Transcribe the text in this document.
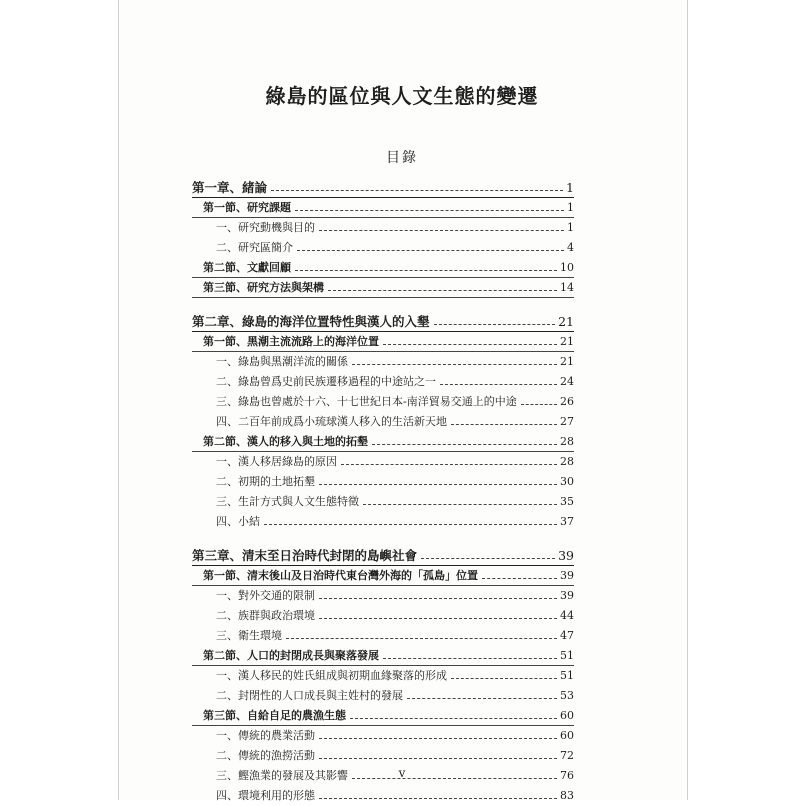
綠島的區位與人文生態的變遷
目錄
第一章、緒論	1
第一節、研究課題	1
一、研究動機與目的	1
二、研究區簡介	4
第二節、文獻回顧	10
第三節、研究方法與架構	14
第二章、綠島的海洋位置特性與漢人的入墾	21
第一節、黑潮主流流路上的海洋位置	21
一、綠島與黑潮洋流的關係	21
二、綠島曾爲史前民族遷移過程的中途站之一	24
三、綠島也曾處於十六、十七世紀日本-南洋貿易交通上的中途	26
四、二百年前成爲小琉球漢人移入的生活新天地	27
第二節、漢人的移入與土地的拓墾	28
一、漢人移居綠島的原因	28
二、初期的土地拓墾	30
三、生計方式與人文生態特徵	35
四、小結	37
第三章、清末至日治時代封閉的島嶼社會	39
第一節、清末後山及日治時代東台灣外海的「孤島」位置	39
一、對外交通的限制	39
二、族群與政治環境	44
三、衛生環境	47
第二節、人口的封閉成長與聚落發展	51
一、漢人移民的姓氏組成與初期血緣聚落的形成	51
二、封閉性的人口成長與主姓村的發展	53
第三節、自給自足的農漁生態	60
一、傳統的農業活動	60
二、傳統的漁撈活動	72
三、鰹漁業的發展及其影響	76
四、環境利用的形態	83
v
